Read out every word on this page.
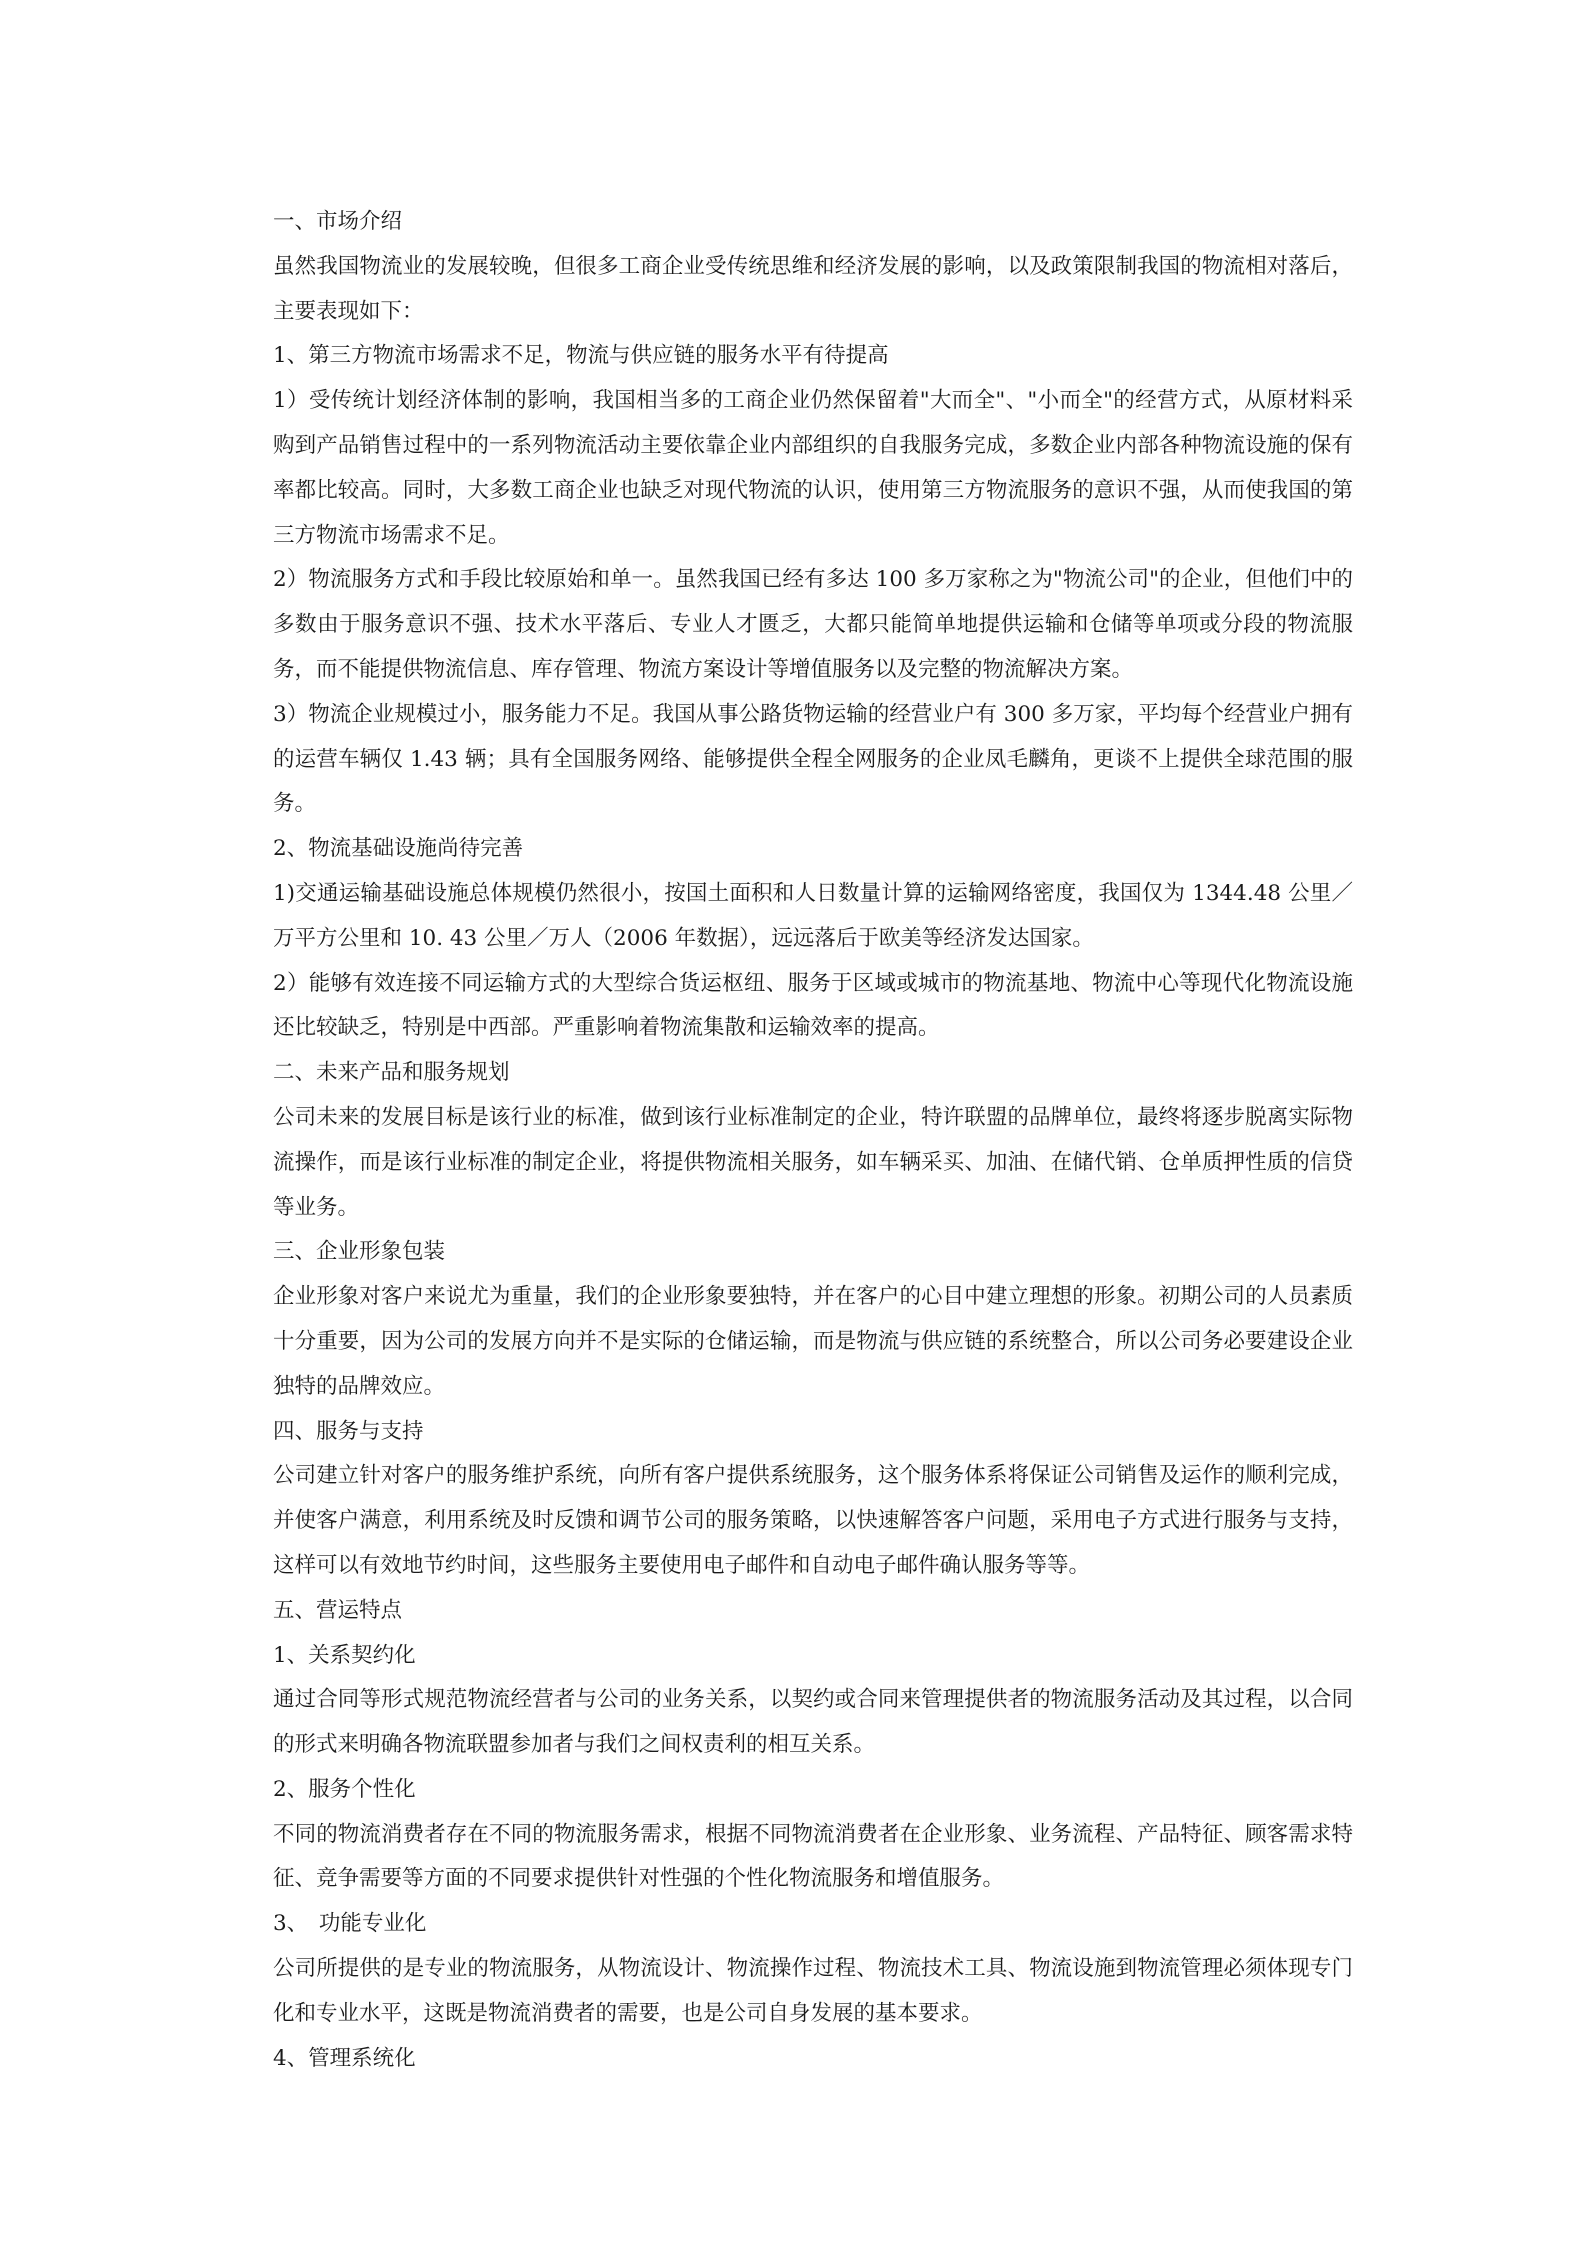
一、市场介绍

虽然我国物流业的发展较晚，但很多工商企业受传统思维和经济发展的影响，以及政策限制我国的物流相对落后，主要表现如下：

1、第三方物流市场需求不足，物流与供应链的服务水平有待提高

1）受传统计划经济体制的影响，我国相当多的工商企业仍然保留着"大而全"、"小而全"的经营方式，从原材料采购到产品销售过程中的一系列物流活动主要依靠企业内部组织的自我服务完成，多数企业内部各种物流设施的保有率都比较高。同时，大多数工商企业也缺乏对现代物流的认识，使用第三方物流服务的意识不强，从而使我国的第三方物流市场需求不足。

2）物流服务方式和手段比较原始和单一。虽然我国已经有多达 100 多万家称之为"物流公司"的企业，但他们中的多数由于服务意识不强、技术水平落后、专业人才匮乏，大都只能简单地提供运输和仓储等单项或分段的物流服务，而不能提供物流信息、库存管理、物流方案设计等增值服务以及完整的物流解决方案。

3）物流企业规模过小，服务能力不足。我国从事公路货物运输的经营业户有 300 多万家，平均每个经营业户拥有的运营车辆仅 1.43 辆；具有全国服务网络、能够提供全程全网服务的企业凤毛麟角，更谈不上提供全球范围的服务。

2、物流基础设施尚待完善

1)交通运输基础设施总体规模仍然很小，按国土面积和人日数量计算的运输网络密度，我国仅为 1344.48 公里／万平方公里和 10. 43 公里／万人（2006 年数据），远远落后于欧美等经济发达国家。

2）能够有效连接不同运输方式的大型综合货运枢纽、服务于区域或城市的物流基地、物流中心等现代化物流设施还比较缺乏，特别是中西部。严重影响着物流集散和运输效率的提高。

二、未来产品和服务规划

公司未来的发展目标是该行业的标准，做到该行业标准制定的企业，特许联盟的品牌单位，最终将逐步脱离实际物流操作，而是该行业标准的制定企业，将提供物流相关服务，如车辆采买、加油、在储代销、仓单质押性质的信贷等业务。

三、企业形象包装

企业形象对客户来说尤为重量，我们的企业形象要独特，并在客户的心目中建立理想的形象。初期公司的人员素质十分重要，因为公司的发展方向并不是实际的仓储运输，而是物流与供应链的系统整合，所以公司务必要建设企业独特的品牌效应。

四、服务与支持

公司建立针对客户的服务维护系统，向所有客户提供系统服务，这个服务体系将保证公司销售及运作的顺利完成，并使客户满意，利用系统及时反馈和调节公司的服务策略，以快速解答客户问题，采用电子方式进行服务与支持，这样可以有效地节约时间，这些服务主要使用电子邮件和自动电子邮件确认服务等等。

五、营运特点

1、关系契约化

通过合同等形式规范物流经营者与公司的业务关系，以契约或合同来管理提供者的物流服务活动及其过程，以合同的形式来明确各物流联盟参加者与我们之间权责利的相互关系。

2、服务个性化

不同的物流消费者存在不同的物流服务需求，根据不同物流消费者在企业形象、业务流程、产品特征、顾客需求特征、竞争需要等方面的不同要求提供针对性强的个性化物流服务和增值服务。

3、　功能专业化

公司所提供的是专业的物流服务，从物流设计、物流操作过程、物流技术工具、物流设施到物流管理必须体现专门化和专业水平，这既是物流消费者的需要，也是公司自身发展的基本要求。

4、管理系统化
